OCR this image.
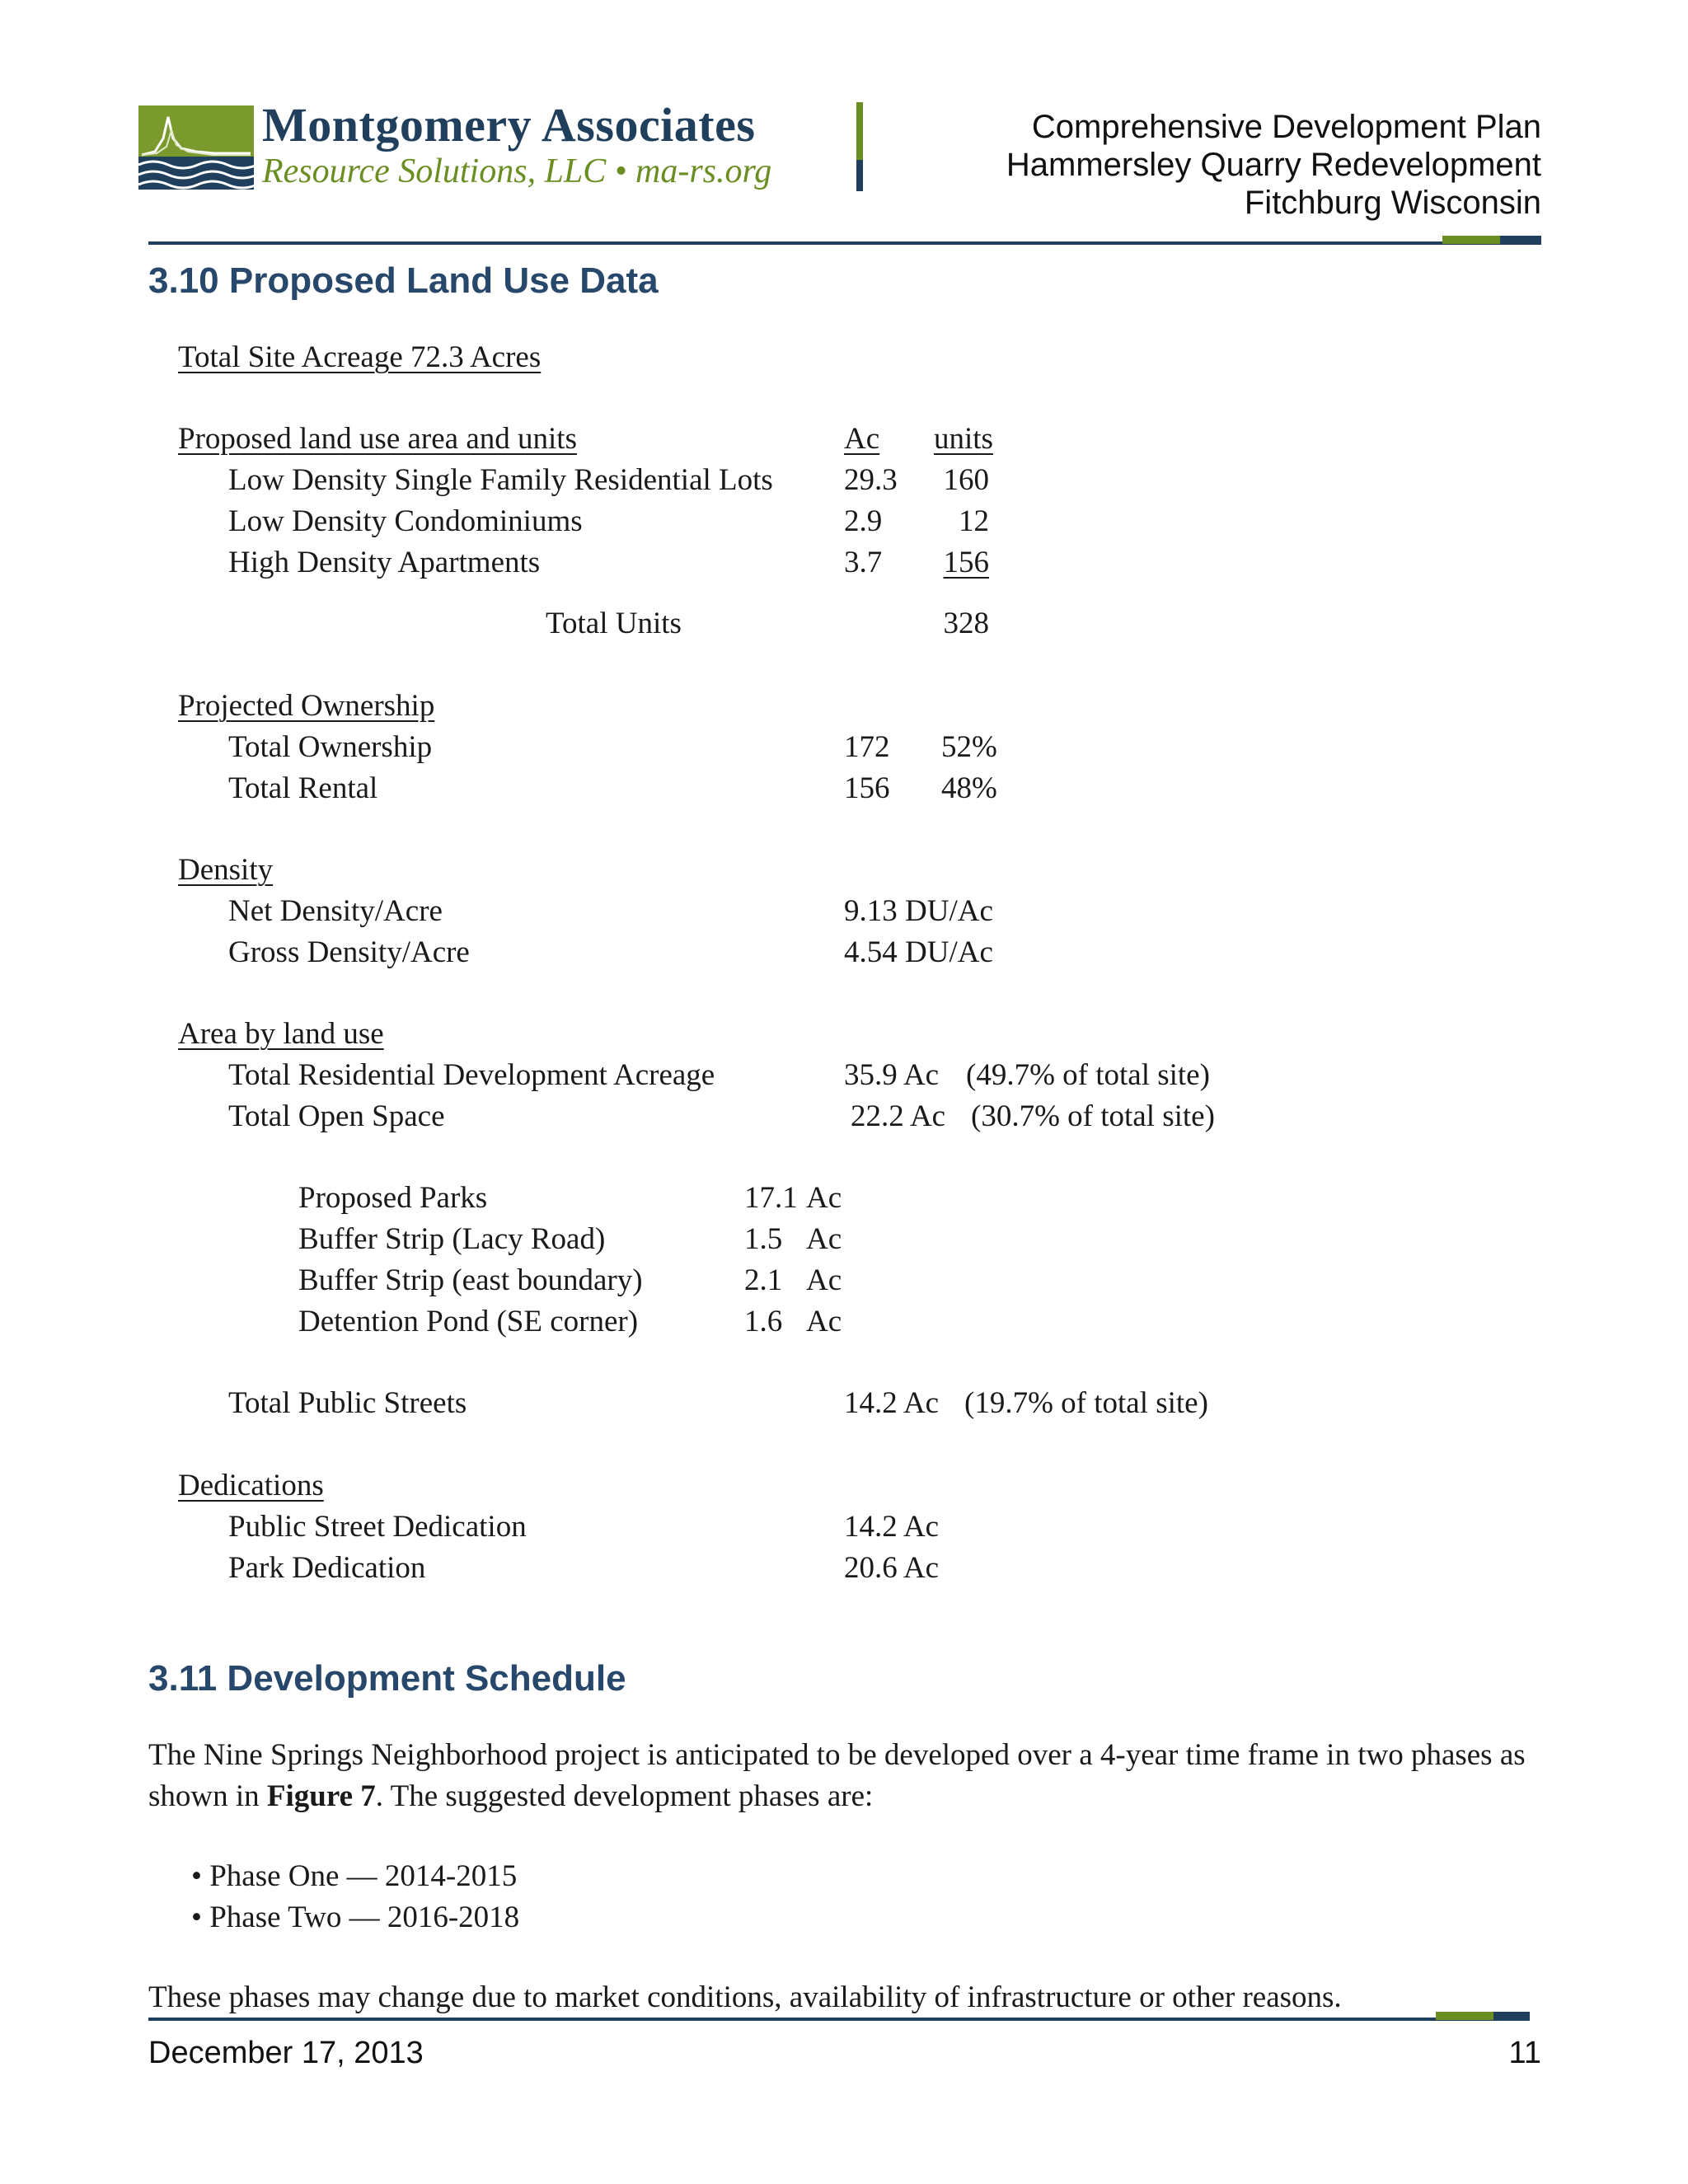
Montgomery Associates
Resource Solutions, LLC • ma-rs.org
Comprehensive Development Plan
Hammersley Quarry Redevelopment
Fitchburg Wisconsin
3.10 Proposed Land Use Data
Total Site Acreage 72.3 Acres
Proposed land use area and units	Ac units
Low Density Single Family Residential Lots 29.3	160
Low Density Condominiums	2.9	12
High Density Apartments	3.7	156
Total Units	328
Projected Ownership
Total Ownership	172 52%
Total Rental	156 48%
Density
Net Density/Acre	9.13 DU/Ac
Gross Density/Acre	4.54 DU/Ac
Area by land use
Total Residential Development Acreage	35.9 Ac (49.7% of total site)
Total Open Space	22.2 Ac (30.7% of total site)
Proposed Parks	17.1 Ac
Buffer Strip (Lacy Road)	1.5 Ac
Buffer Strip (east boundary)	2.1 Ac
Detention Pond (SE corner)	1.6 Ac
Total Public Streets	14.2 Ac (19.7% of total site)
Dedications
Public Street Dedication	14.2 Ac
Park Dedication	20.6 Ac
3.11 Development Schedule
The Nine Springs Neighborhood project is anticipated to be developed over a 4-year time frame in two phases as shown in Figure 7. The suggested development phases are:
• Phase One — 2014-2015
• Phase Two — 2016-2018
These phases may change due to market conditions, availability of infrastructure or other reasons.
December 17, 2013	11
